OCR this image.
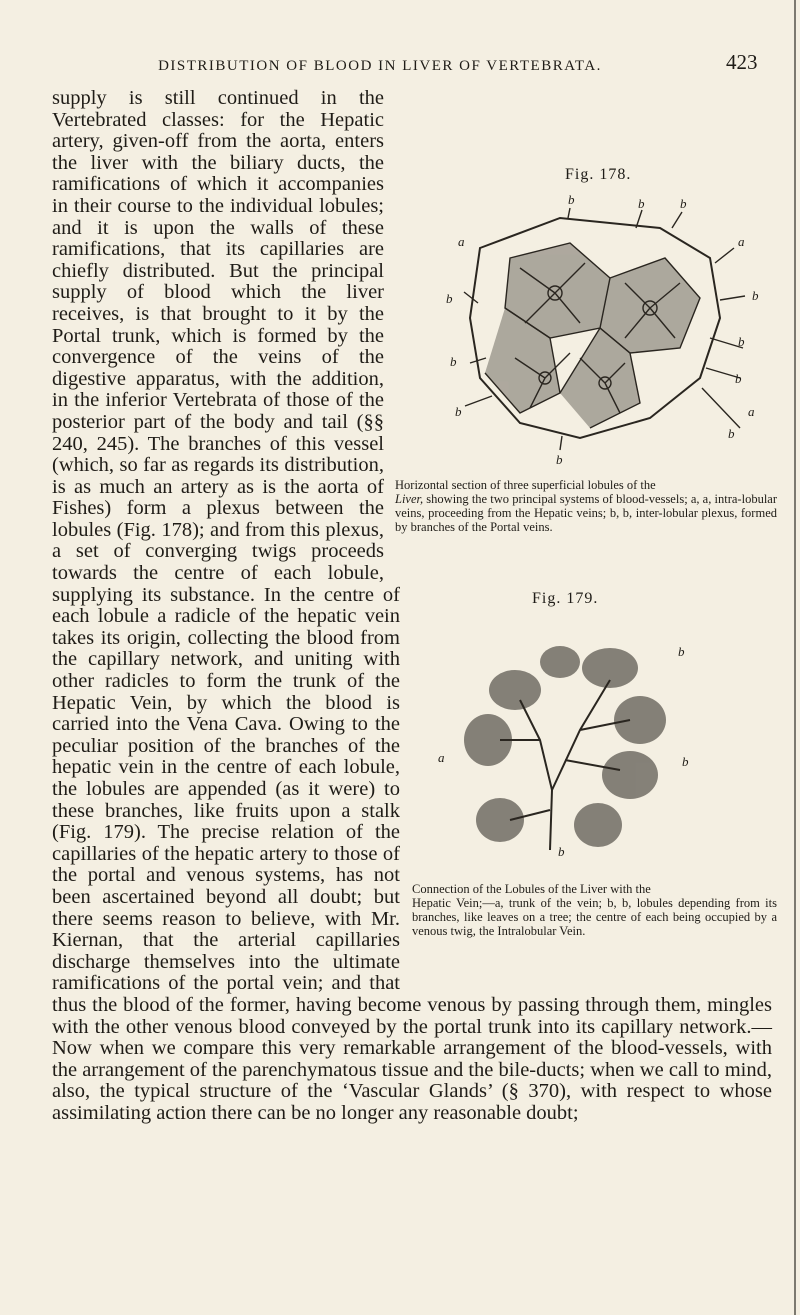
DISTRIBUTION OF BLOOD IN LIVER OF VERTEBRATA.	423

supply is still continued in the Vertebrated classes: for the Hepatic artery, given-off from the aorta, enters the liver with the biliary ducts, the ramifications of which it accompanies in their course to the individual lobules; and it is upon the walls of these ramifications, that its capillaries are chiefly distributed. But the principal supply of blood which the liver receives, is that brought to it by the Portal trunk, which is formed by the convergence of the veins of the digestive apparatus, with the addition, in the inferior Vertebrata of those of the posterior part of the body and tail (§§ 240, 245). The branches of this vessel (which, so far as regards its distribution, is as much an artery as is the aorta of Fishes) form a plexus between the lobules (Fig. 178); and from this plexus, a set of converging twigs proceeds towards the centre of each lobule, supplying its substance. In the centre of each lobule a radicle of the hepatic vein takes its origin, collecting the blood from the capillary network, and uniting with other radicles to form the trunk of the Hepatic Vein, by which the blood is carried into the Vena Cava. Owing to the peculiar position of the branches of the hepatic vein in the centre of each lobule, the lobules are appended (as it were) to these branches, like fruits upon a stalk (Fig. 179). The precise relation of the capillaries of the hepatic artery to those of the portal and venous systems, has not been ascertained beyond all doubt; but there seems reason to believe, with Mr. Kiernan, that the arterial capillaries discharge themselves into the ultimate ramifications of the portal vein; and that thus the blood of the former, having become venous by passing through them, mingles with the other venous blood conveyed by the portal trunk into its capillary network.—Now when we compare this very remarkable arrangement of the blood-vessels, with the arrangement of the parenchymatous tissue and the bile-ducts; when we call to mind, also, the typical structure of the ‘Vascular Glands’ (§ 370), with respect to whose assimilating action there can be no longer any reasonable doubt;

Fig. 178.
b
a
b	b
a
b
b
b
b
b
b	a
b
b
Horizontal section of three superficial lobules of the
Liver, showing the two principal systems of blood-vessels; a, a, intra-lobular veins, proceeding from the Hepatic veins; b, b, inter-lobular plexus, formed by branches of the Portal veins.
Fig. 179.
b
a	b
b
Connection of the Lobules of the Liver with the
Hepatic Vein;—a, trunk of the vein; b, b, lobules depending from its branches, like leaves on a tree; the centre of each being occupied by a venous twig, the Intralobular Vein.
